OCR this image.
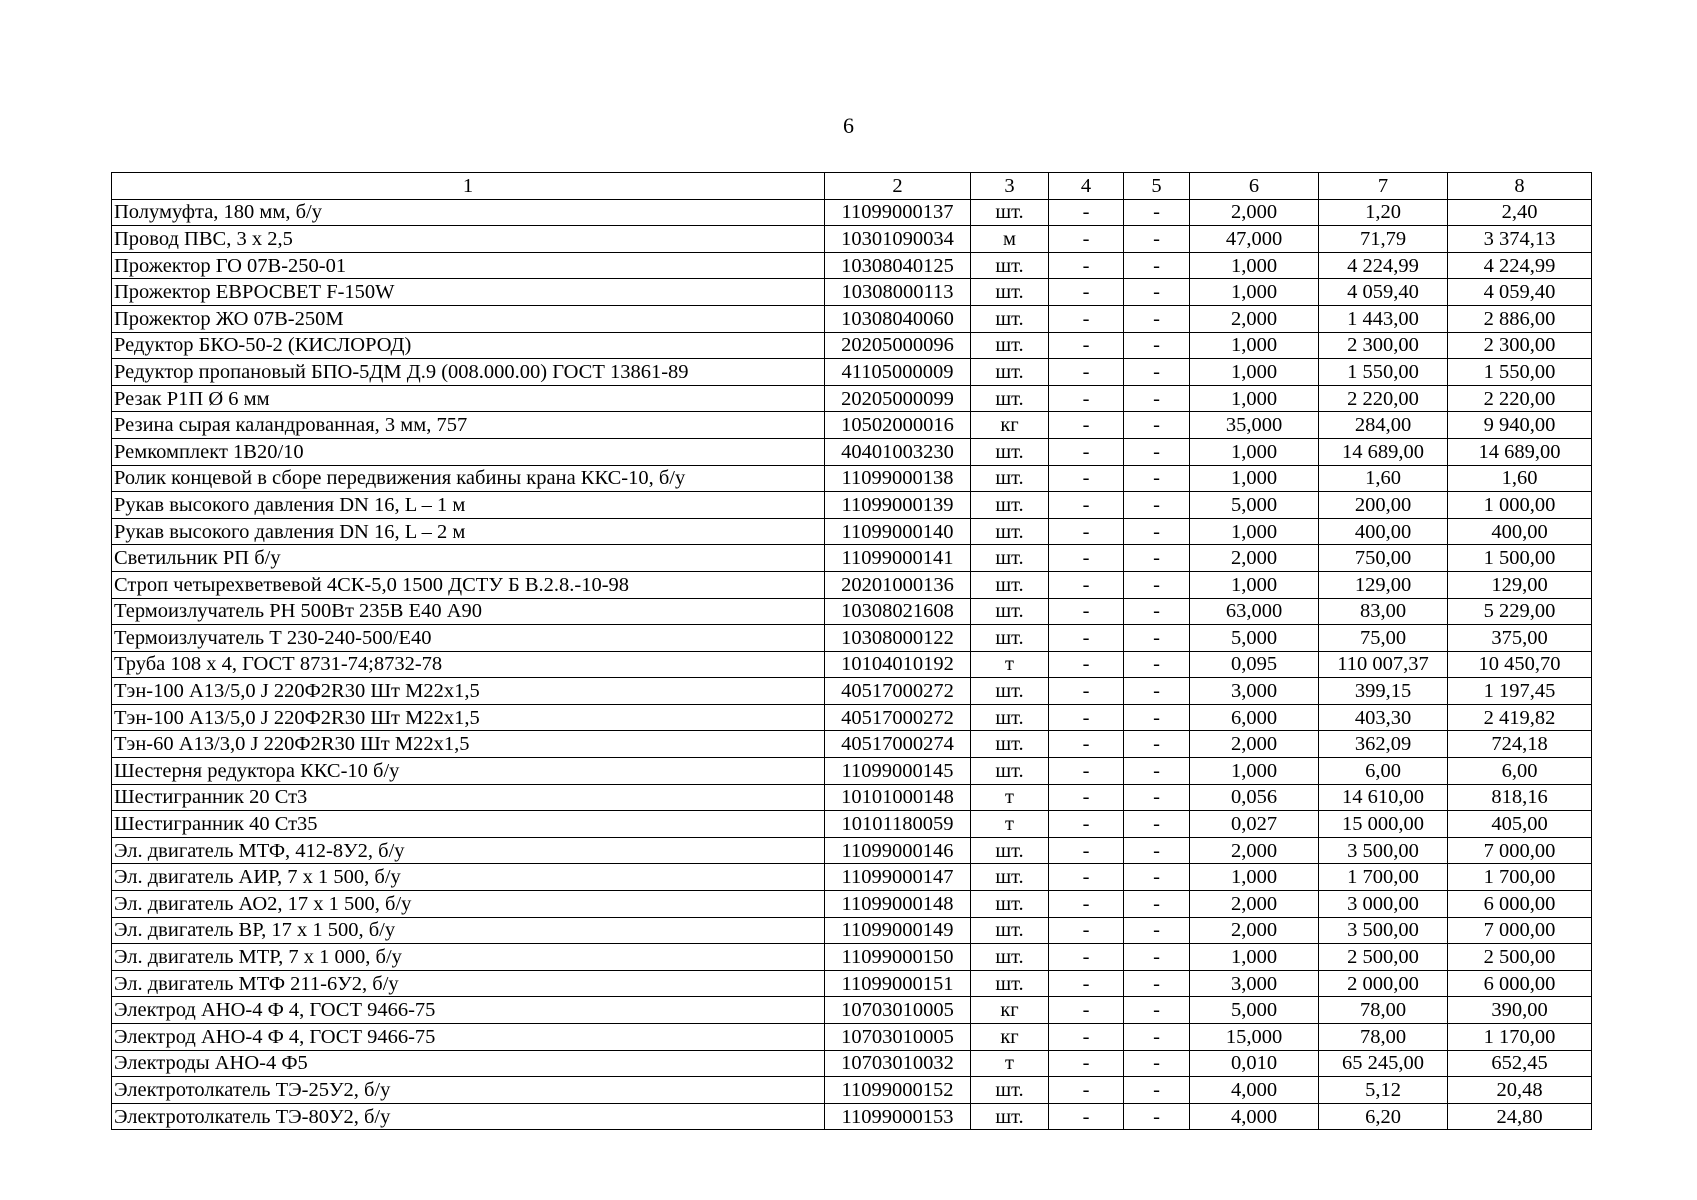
6
1	2	3	4	5	6	7	8
Полумуфта, 180 мм, б/у	11099000137	шт.	-	-	2,000	1,20	2,40
Провод ПВС, 3 х 2,5	10301090034	м	-	-	47,000	71,79	3 374,13
Прожектор ГО 07В-250-01	10308040125	шт.	-	-	1,000	4 224,99	4 224,99
Прожектор ЕВРОСВЕТ F-150W	10308000113	шт.	-	-	1,000	4 059,40	4 059,40
Прожектор ЖО 07В-250М	10308040060	шт.	-	-	2,000	1 443,00	2 886,00
Редуктор БКО-50-2 (КИСЛОРОД)	20205000096	шт.	-	-	1,000	2 300,00	2 300,00
Редуктор пропановый БПО-5ДМ Д.9 (008.000.00) ГОСТ 13861-89	41105000009	шт.	-	-	1,000	1 550,00	1 550,00
Резак Р1П Ø 6 мм	20205000099	шт.	-	-	1,000	2 220,00	2 220,00
Резина сырая каландрованная, 3 мм, 757	10502000016	кг	-	-	35,000	284,00	9 940,00
Ремкомплект 1В20/10	40401003230	шт.	-	-	1,000	14 689,00	14 689,00
Ролик концевой в сборе передвижения кабины крана ККС-10, б/у	11099000138	шт.	-	-	1,000	1,60	1,60
Рукав высокого давления DN 16, L – 1 м	11099000139	шт.	-	-	5,000	200,00	1 000,00
Рукав высокого давления DN 16, L – 2 м	11099000140	шт.	-	-	1,000	400,00	400,00
Светильник РП б/у	11099000141	шт.	-	-	2,000	750,00	1 500,00
Строп четырехветвевой 4СК-5,0 1500 ДСТУ Б В.2.8.-10-98	20201000136	шт.	-	-	1,000	129,00	129,00
Термоизлучатель РН 500Вт 235В Е40 А90	10308021608	шт.	-	-	63,000	83,00	5 229,00
Термоизлучатель Т 230-240-500/Е40	10308000122	шт.	-	-	5,000	75,00	375,00
Труба 108 х 4, ГОСТ 8731-74;8732-78	10104010192	т	-	-	0,095	110 007,37	10 450,70
Тэн-100 А13/5,0 J 220Ф2R30 Шт М22х1,5	40517000272	шт.	-	-	3,000	399,15	1 197,45
Тэн-100 А13/5,0 J 220Ф2R30 Шт М22х1,5	40517000272	шт.	-	-	6,000	403,30	2 419,82
Тэн-60 А13/3,0 J 220Ф2R30 Шт М22х1,5	40517000274	шт.	-	-	2,000	362,09	724,18
Шестерня редуктора ККС-10 б/у	11099000145	шт.	-	-	1,000	6,00	6,00
Шестигранник 20 Ст3	10101000148	т	-	-	0,056	14 610,00	818,16
Шестигранник 40 Ст35	10101180059	т	-	-	0,027	15 000,00	405,00
Эл. двигатель МТФ, 412-8У2, б/у	11099000146	шт.	-	-	2,000	3 500,00	7 000,00
Эл. двигатель АИР, 7 х 1 500, б/у	11099000147	шт.	-	-	1,000	1 700,00	1 700,00
Эл. двигатель АО2, 17 х 1 500, б/у	11099000148	шт.	-	-	2,000	3 000,00	6 000,00
Эл. двигатель ВР, 17 х 1 500, б/у	11099000149	шт.	-	-	2,000	3 500,00	7 000,00
Эл. двигатель МТР, 7 х 1 000, б/у	11099000150	шт.	-	-	1,000	2 500,00	2 500,00
Эл. двигатель МТФ 211-6У2, б/у	11099000151	шт.	-	-	3,000	2 000,00	6 000,00
Электрод АНО-4 Ф 4, ГОСТ 9466-75	10703010005	кг	-	-	5,000	78,00	390,00
Электрод АНО-4 Ф 4, ГОСТ 9466-75	10703010005	кг	-	-	15,000	78,00	1 170,00
Электроды АНО-4 Ф5	10703010032	т	-	-	0,010	65 245,00	652,45
Электротолкатель ТЭ-25У2, б/у	11099000152	шт.	-	-	4,000	5,12	20,48
Электротолкатель ТЭ-80У2, б/у	11099000153	шт.	-	-	4,000	6,20	24,80
